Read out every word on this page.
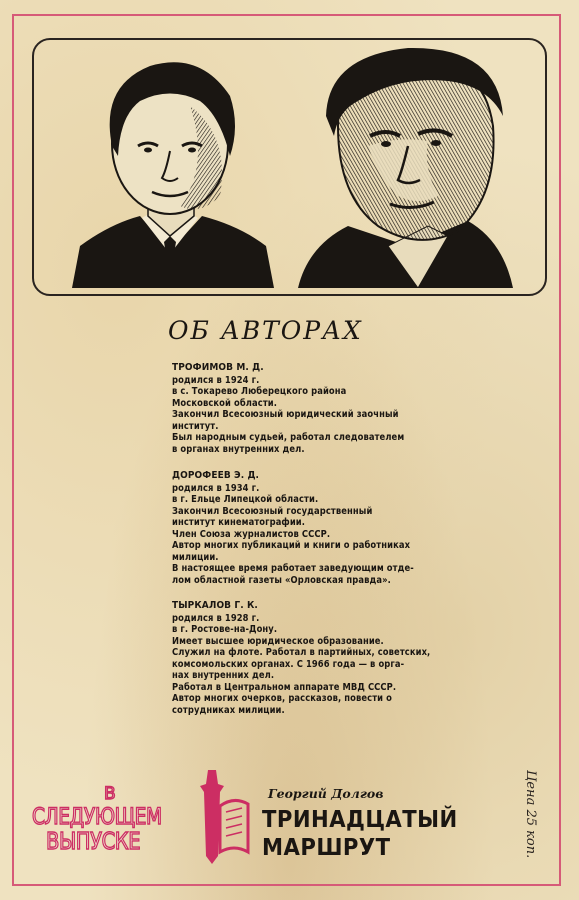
ОБ АВТОРАХ
ТРОФИМОВ М. Д.
родился в 1924 г.
в с. Токарево Люберецкого района
Московской области.
Закончил Всесоюзный юридический заочный
институт.
Был народным судьей, работал следователем
в органах внутренних дел.
ДОРОФЕЕВ Э. Д.
родился в 1934 г.
в г. Ельце Липецкой области.
Закончил Всесоюзный государственный
институт кинематографии.
Член Союза журналистов СССР.
Автор многих публикаций и книги о работниках
милиции.
В настоящее время работает заведующим отде-
лом областной газеты «Орловская правда».
ТЫРКАЛОВ Г. К.
родился в 1928 г.
в г. Ростове-на-Дону.
Имеет высшее юридическое образование.
Служил на флоте. Работал в партийных, советских,
комсомольских органах. С 1966 года — в орга-
нах внутренних дел.
Работал в Центральном аппарате МВД СССР.
Автор многих очерков, рассказов, повести о
сотрудниках милиции.
В
СЛЕДУЮЩЕМ
ВЫПУСКЕ
Георгий Долгов
ТРИНАДЦАТЫЙ
МАРШРУТ	Цена 25 коп.
